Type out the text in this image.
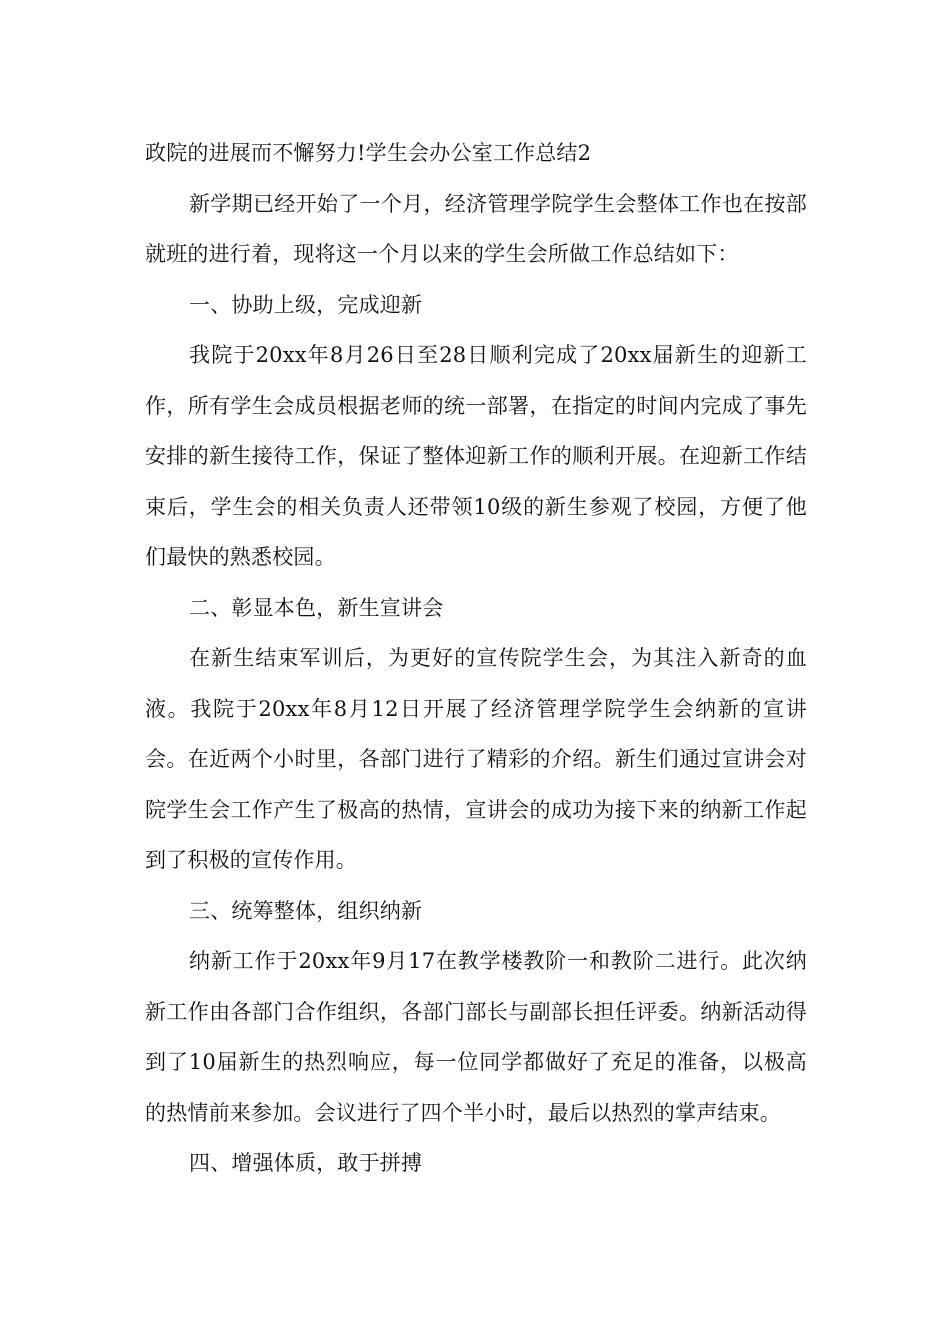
政院的进展而不懈努力!学生会办公室工作总结2

新学期已经开始了一个月，经济管理学院学生会整体工作也在按部就班的进行着，现将这一个月以来的学生会所做工作总结如下：

一、协助上级，完成迎新

我院于20xx年8月26日至28日顺利完成了20xx届新生的迎新工作，所有学生会成员根据老师的统一部署，在指定的时间内完成了事先安排的新生接待工作，保证了整体迎新工作的顺利开展。在迎新工作结束后，学生会的相关负责人还带领10级的新生参观了校园，方便了他们最快的熟悉校园。

二、彰显本色，新生宣讲会

在新生结束军训后，为更好的宣传院学生会，为其注入新奇的血液。我院于20xx年8月12日开展了经济管理学院学生会纳新的宣讲会。在近两个小时里，各部门进行了精彩的介绍。新生们通过宣讲会对院学生会工作产生了极高的热情，宣讲会的成功为接下来的纳新工作起到了积极的宣传作用。

三、统筹整体，组织纳新

纳新工作于20xx年9月17在教学楼教阶一和教阶二进行。此次纳新工作由各部门合作组织，各部门部长与副部长担任评委。纳新活动得到了10届新生的热烈响应，每一位同学都做好了充足的准备，以极高的热情前来参加。会议进行了四个半小时，最后以热烈的掌声结束。

四、增强体质，敢于拼搏
